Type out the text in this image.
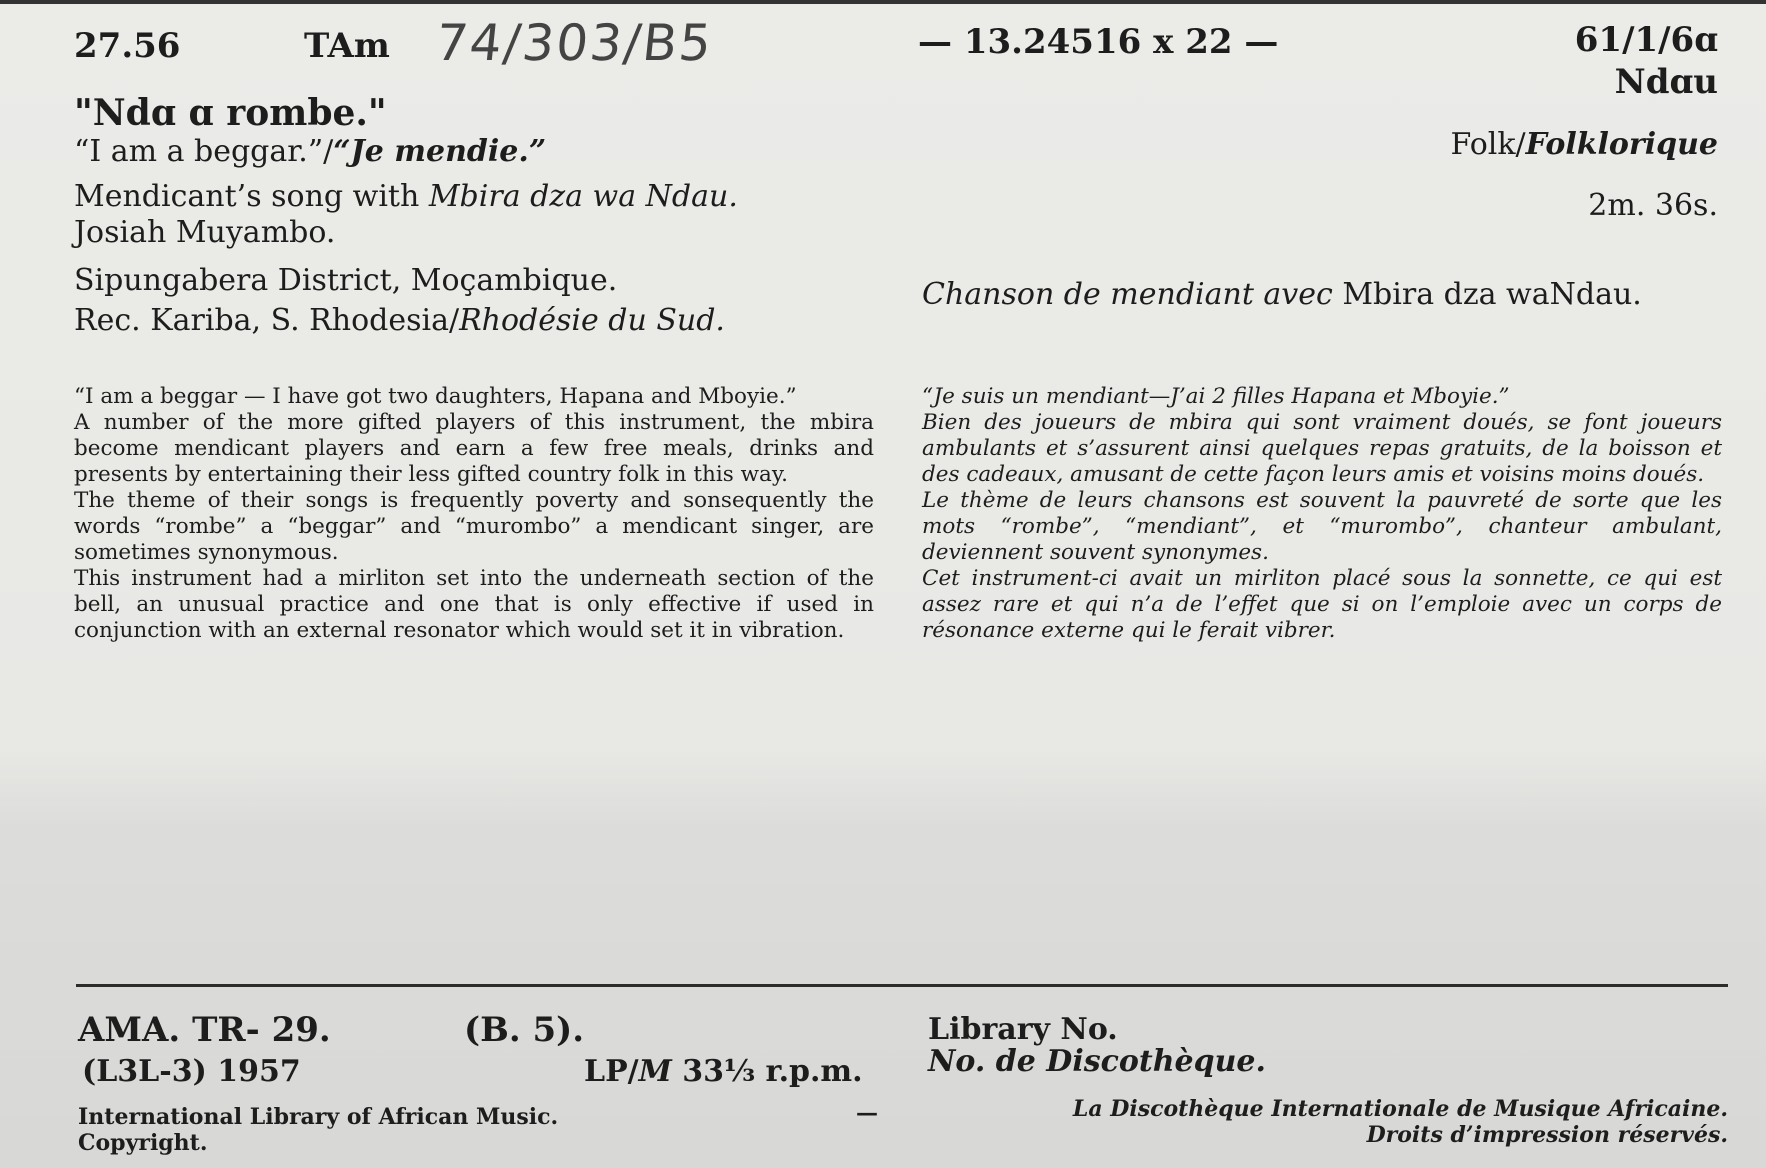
27.56	TAm 74/303/B5	— 13.24516 x 22 —	61/1/6ɑ
Ndɑu
"Ndɑ ɑ rombe."
“I am a beggar.”/“Je mendie.”	Folk/Folklorique
2m. 36s.
Mendicant’s song with Mbira dza wa Ndau.
Josiah Muyambo.
Sipungabera District, Moçambique.
Rec. Kariba, S. Rhodesia/Rhodésie du Sud.
Chanson de mendiant avec Mbira dza waNdau.

“I am a beggar — I have got two daughters, Hapana and Mboyie.”

A number of the more gifted players of this instrument, the mbira become mendicant players and earn a few free meals, drinks and presents by entertaining their less gifted country folk in this way.

The theme of their songs is frequently poverty and sonsequently the words “rombe” a “beggar” and “murombo” a mendicant singer, are sometimes synonymous.

This instrument had a mirliton set into the underneath section of the bell, an unusual practice and one that is only effective if used in conjunction with an external resonator which would set it in vibration.

“Je suis un mendiant—J’ai 2 filles Hapana et Mboyie.”

Bien des joueurs de mbira qui sont vraiment doués, se font joueurs ambulants et s’assurent ainsi quelques repas gratuits, de la boisson et des cadeaux, amusant de cette façon leurs amis et voisins moins doués.

Le thème de leurs chansons est souvent la pauvreté de sorte que les mots “rombe”, “mendiant”, et “murombo”, chanteur ambulant, deviennent souvent synonymes.

Cet instrument-ci avait un mirliton placé sous la sonnette, ce qui est assez rare et qui n’a de l’effet que si on l’emploie avec un corps de résonance externe qui le ferait vibrer.

AMA. TR- 29.	(B. 5).
(L3L-3) 1957	LP/M 33⅓ r.p.m.
Library No.
No. de Discothèque.
International Library of African Music.
Copyright.
—	La Discothèque Internationale de Musique Africaine.
Droits d’impression réservés.
